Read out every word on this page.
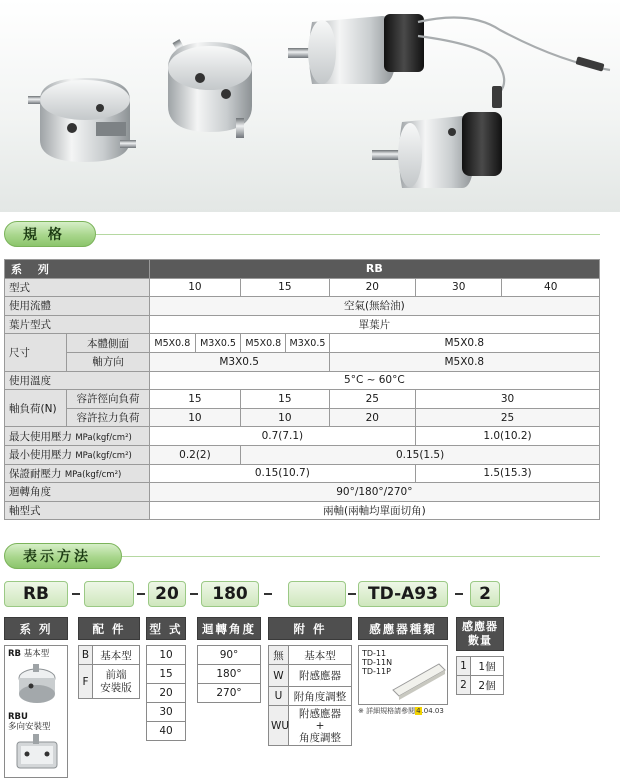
規 格
系 列		RB						
型式		10		15		20	30	40
使用流體		空氣(無給油)						
葉片型式		單葉片						
尺寸	本體側面	M5X0.8	M3X0.5	M5X0.8	M3X0.5	M5X0.8		
	軸方向	M3X0.5				M5X0.8		
使用溫度		5°C ~ 60°C						
軸負荷(N)	容許徑向負荷	15		15		25	30	
	容許拉力負荷	10		10		20	25	
最大使用壓力 MPa(kgf/cm²)		0.7(7.1)					1.0(10.2)	
最小使用壓力 MPa(kgf/cm²)		0.2(2)		0.15(1.5)				
保證耐壓力 MPa(kgf/cm²)		0.15(10.7)					1.5(15.3)	
迴轉角度		90°/180°/270°						
軸型式		兩軸(兩軸均單面切角)						
表示方法
RB	20	180	TD-A93	2
系 列	配 件	型 式	迴轉角度	附 件	感應器種類	感應器
數量
RB 基本型
RBU
多向安裝型
B	基本型
F	前端
安裝版
10
15
20
30
40
90°
180°
270°
無	基本型
W	附感應器
U	附角度調整
WU	附感應器
+
角度調整
TD-11
TD-11N
TD-11P
※ 詳細規格請參閱4.04.03
1	1個
2	2個
